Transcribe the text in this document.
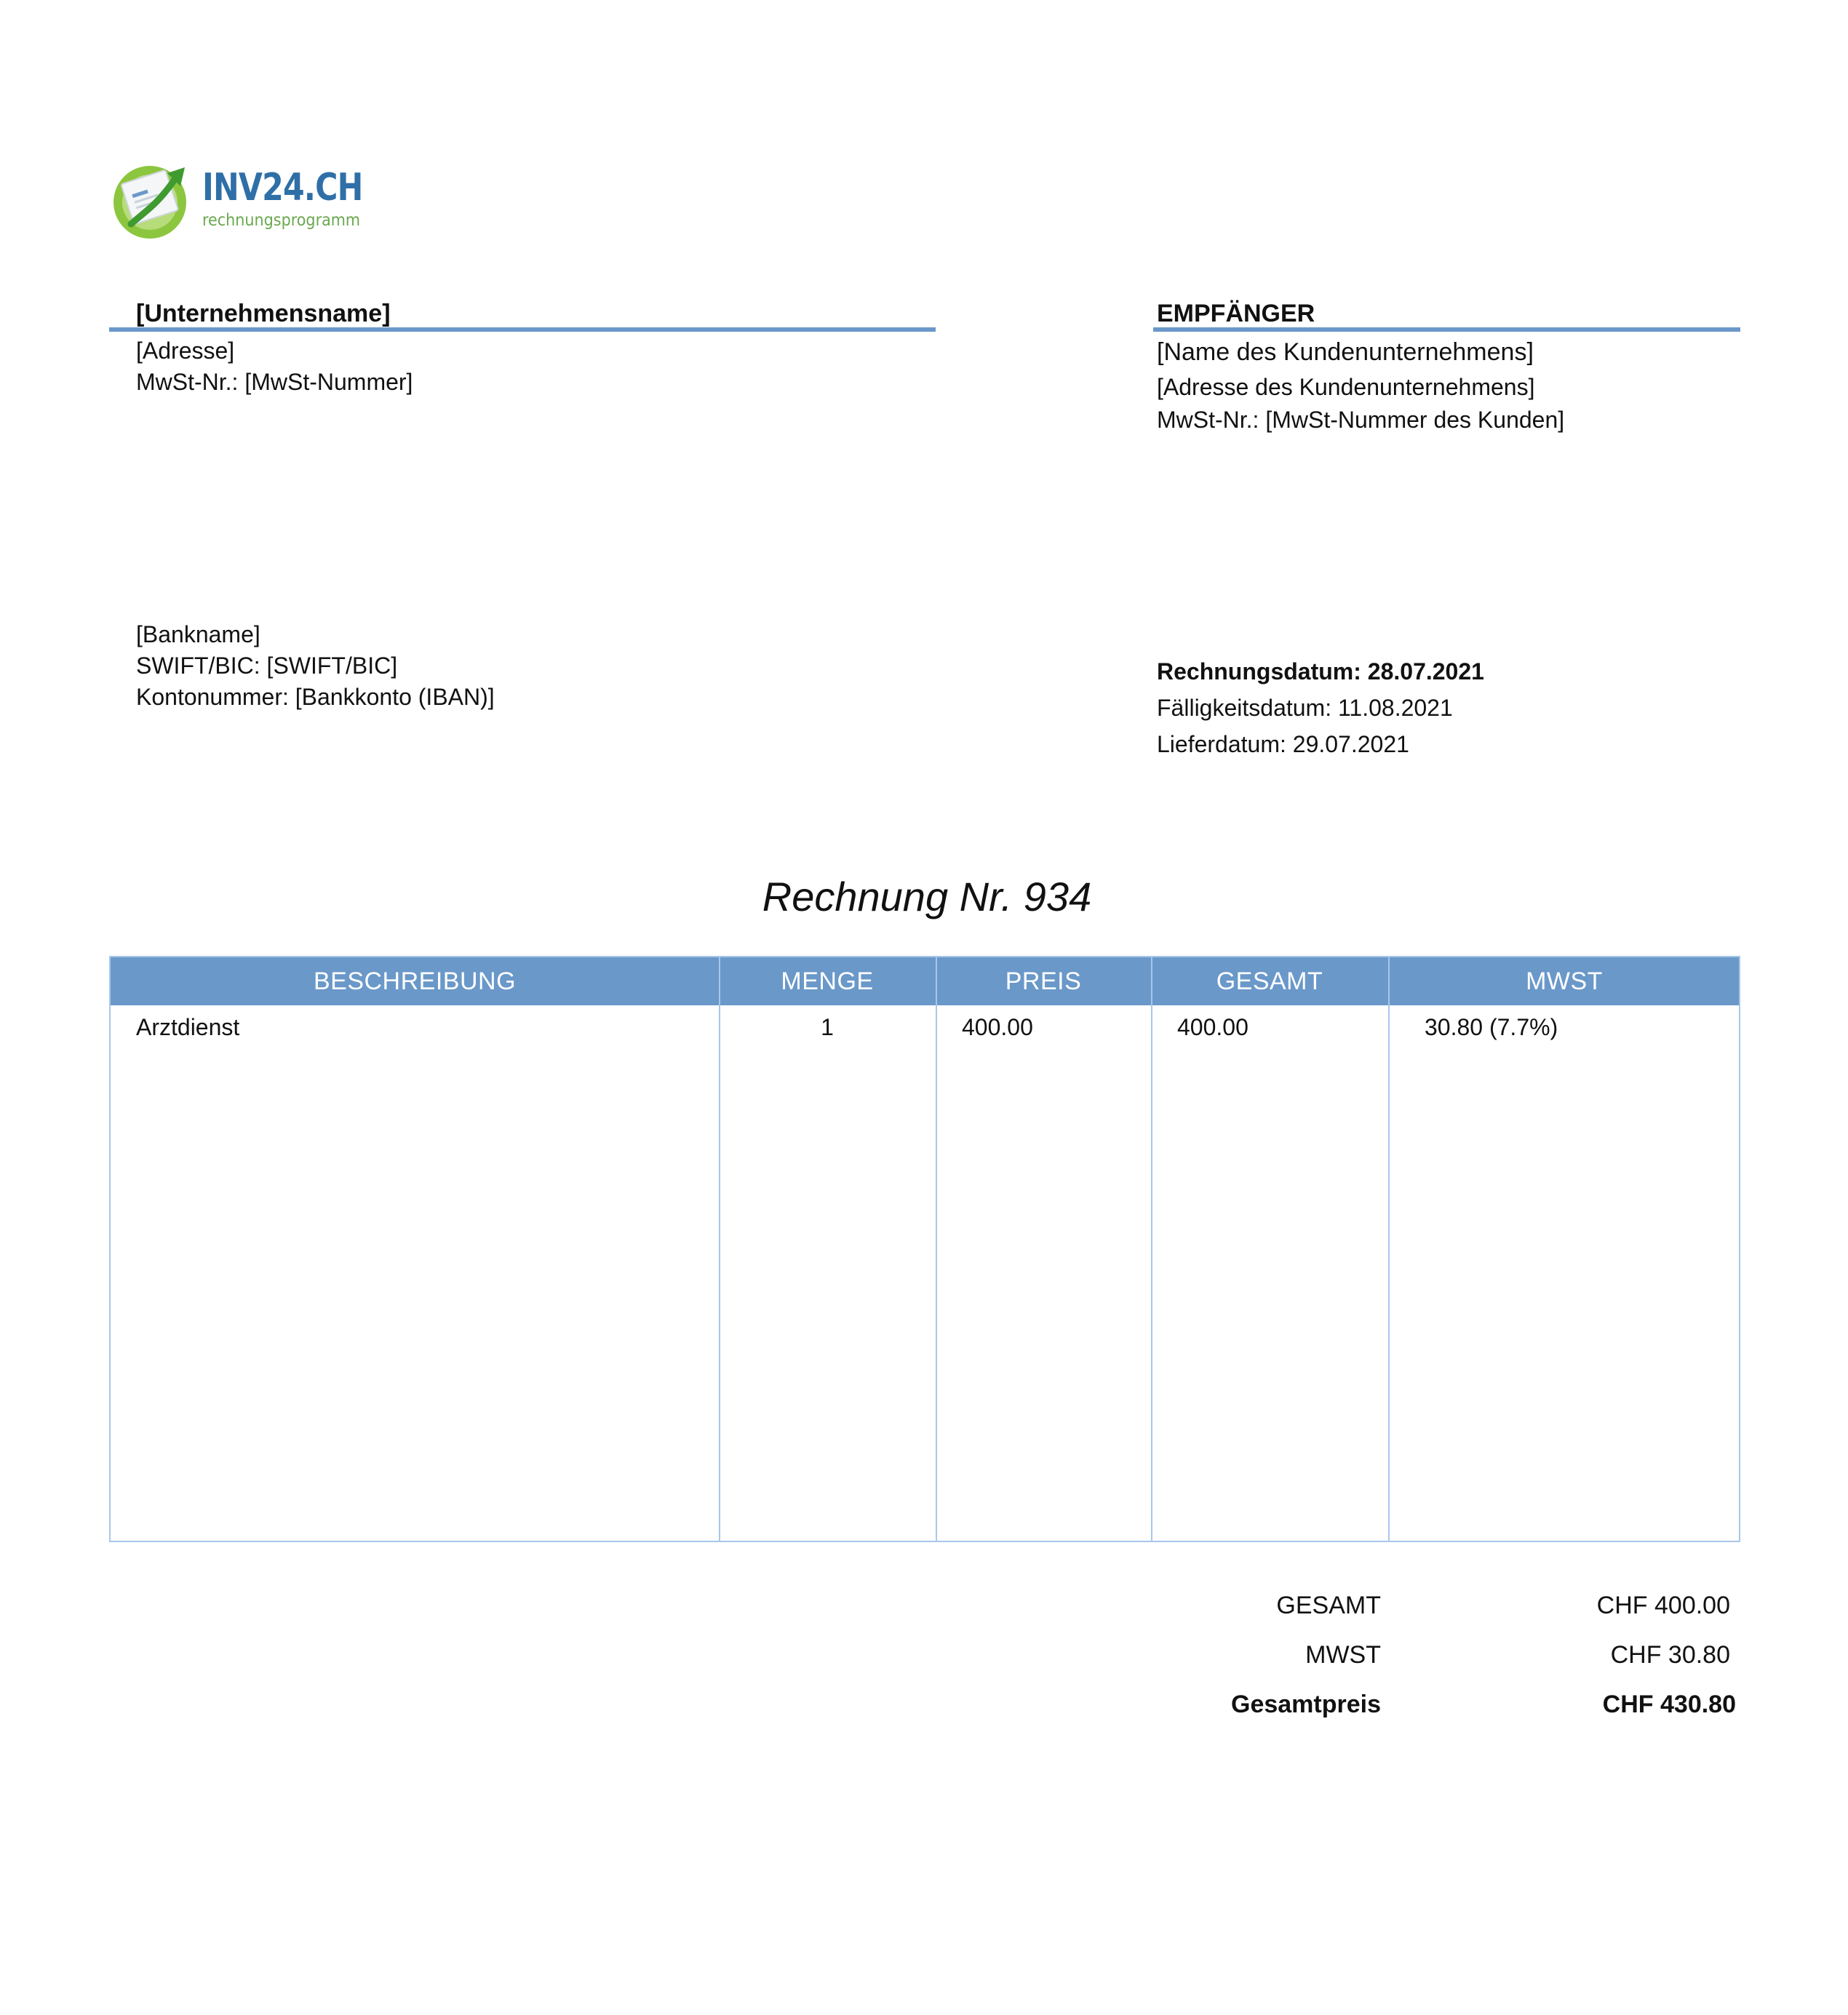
INV24.CH
rechnungsprogramm
[Unternehmensname]
[Adresse]
MwSt-Nr.: [MwSt-Nummer]
EMPFÄNGER
[Name des Kundenunternehmens]
[Adresse des Kundenunternehmens]
MwSt-Nr.: [MwSt-Nummer des Kunden]
[Bankname]
SWIFT/BIC: [SWIFT/BIC]
Kontonummer: [Bankkonto (IBAN)]
Rechnungsdatum: 28.07.2021
Fälligkeitsdatum: 11.08.2021
Lieferdatum: 29.07.2021
Rechnung Nr. 934
BESCHREIBUNG	MENGE	PREIS	GESAMT	MWST
Arztdienst	1	400.00	400.00	30.80 (7.7%)
GESAMT	CHF 400.00
MWST	CHF 30.80
Gesamtpreis	CHF 430.80
